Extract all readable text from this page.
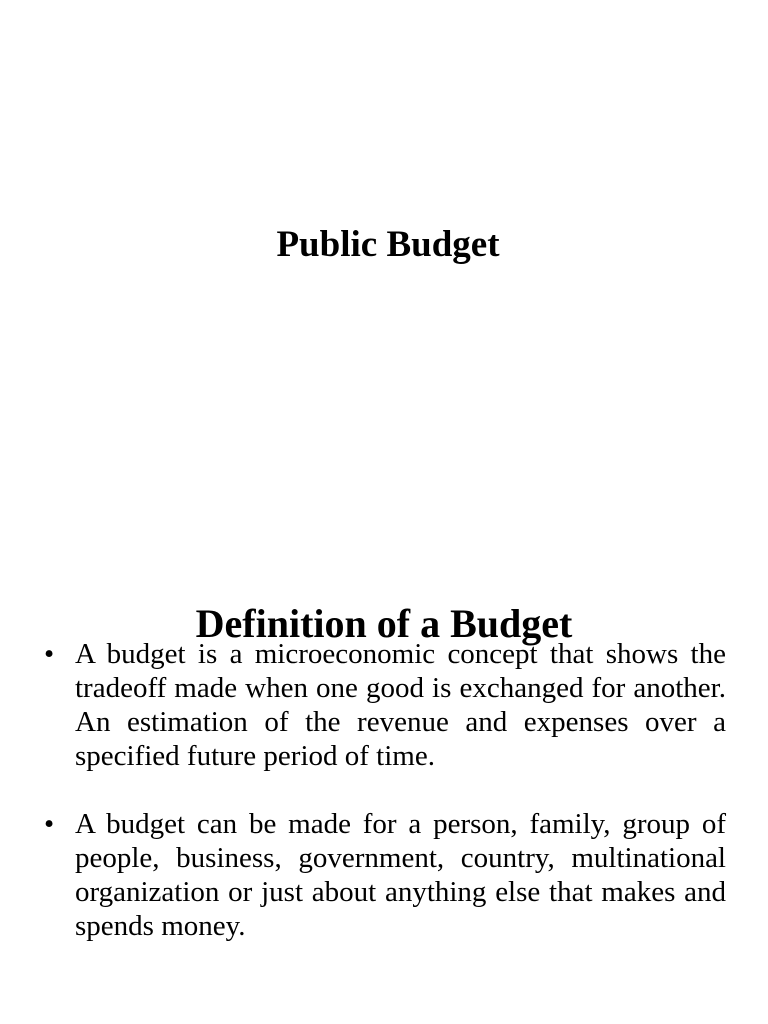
Public Budget
Definition of a Budget
• A budget is a microeconomic concept that shows the tradeoff made when one good is exchanged for another. An estimation of the revenue and expenses over a specified future period of time.
• A budget can be made for a person, family, group of people, business, government, country, multinational organization or just about anything else that makes and spends money.
